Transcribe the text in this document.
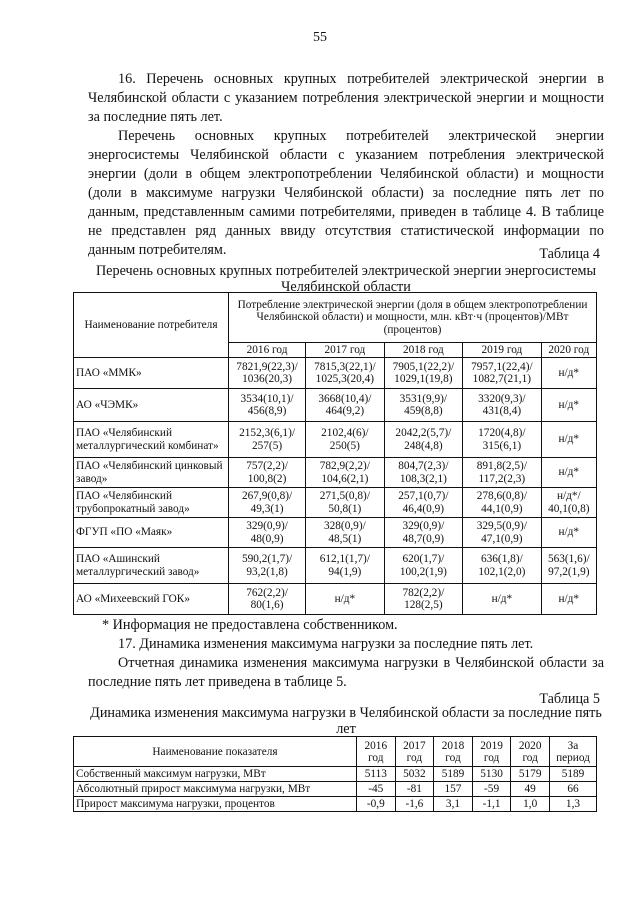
55
16. Перечень основных крупных потребителей электрической энергии в Челябинской области с указанием потребления электрической энергии и мощности за последние пять лет.
Перечень основных крупных потребителей электрической энергии энергосистемы Челябинской области с указанием потребления электрической энергии (доли в общем электропотреблении Челябинской области) и мощности (доли в максимуме нагрузки Челябинской области) за последние пять лет по данным, представленным самими потребителями, приведен в таблице 4. В таблице не представлен ряд данных ввиду отсутствия статистической информации по данным потребителям.	Таблица 4
Перечень основных крупных потребителей электрической энергии энергосистемы Челябинской области
Наименование потребителя	Потребление электрической энергии (доля в общем электропотреблении Челябинской области) и мощности, млн. кВт·ч (процентов)/МВт (процентов)				
	2016 год	2017 год	2018 год	2019 год	2020 год
ПАО «ММК»	7821,9(22,3)/ 1036(20,3)	7815,3(22,1)/ 1025,3(20,4)	7905,1(22,2)/ 1029,1(19,8)	7957,1(22,4)/ 1082,7(21,1)	н/д*
АО «ЧЭМК»	3534(10,1)/ 456(8,9)	3668(10,4)/ 464(9,2)	3531(9,9)/ 459(8,8)	3320(9,3)/ 431(8,4)	н/д*
ПАО «Челябинский металлургический комбинат»	2152,3(6,1)/ 257(5)	2102,4(6)/ 250(5)	2042,2(5,7)/ 248(4,8)	1720(4,8)/ 315(6,1)	н/д*
ПАО «Челябинский цинковый завод»	757(2,2)/ 100,8(2)	782,9(2,2)/ 104,6(2,1)	804,7(2,3)/ 108,3(2,1)	891,8(2,5)/ 117,2(2,3)	н/д*
ПАО «Челябинский трубопрокатный завод»	267,9(0,8)/ 49,3(1)	271,5(0,8)/ 50,8(1)	257,1(0,7)/ 46,4(0,9)	278,6(0,8)/ 44,1(0,9)	н/д*/ 40,1(0,8)
ФГУП «ПО «Маяк»	329(0,9)/ 48(0,9)	328(0,9)/ 48,5(1)	329(0,9)/ 48,7(0,9)	329,5(0,9)/ 47,1(0,9)	н/д*
ПАО «Ашинский металлургический завод»	590,2(1,7)/ 93,2(1,8)	612,1(1,7)/ 94(1,9)	620(1,7)/ 100,2(1,9)	636(1,8)/ 102,1(2,0)	563(1,6)/ 97,2(1,9)
АО «Михеевский ГОК»	762(2,2)/ 80(1,6)	н/д*	782(2,2)/ 128(2,5)	н/д*	н/д*
* Информация не предоставлена собственником.
17. Динамика изменения максимума нагрузки за последние пять лет.
Отчетная динамика изменения максимума нагрузки в Челябинской области за последние пять лет приведена в таблице 5.
Таблица 5
Динамика изменения максимума нагрузки в Челябинской области за последние пять лет
Наименование показателя	2016 год	2017 год	2018 год	2019 год	2020 год	За период
Собственный максимум нагрузки, МВт	5113	5032	5189	5130	5179	5189
Абсолютный прирост максимума нагрузки, МВт	-45	-81	157	-59	49	66
Прирост максимума нагрузки, процентов	-0,9	-1,6	3,1	-1,1	1,0	1,3
